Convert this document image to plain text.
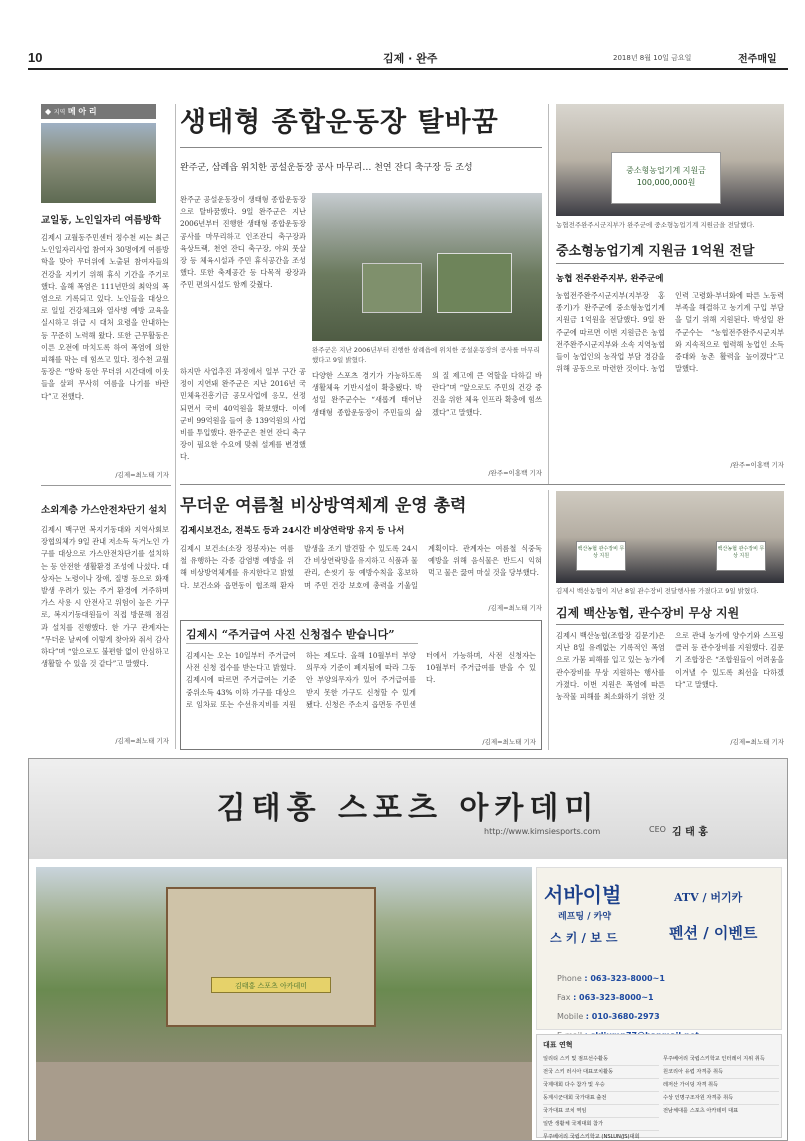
10	김제 · 완주	2018년 8월 10일 금요일	전주매일
◆ 지역 메 아 리
교일동, 노인일자리 여름방학
김제시 교월동주민센터 정수천 씨는 최근 노인일자리사업 참여자 30명에게 여름방학을 맞아 무더위에 노출된 참여자들의 건강을 지키기 위해 휴식 기간을 주기로 했다. 올해 폭염은 111년만의 최악의 폭염으로 기록되고 있다. 노인들을 대상으로 일일 건강체크와 열사병 예방 교육을 실시하고 위급 시 대처 요령을 안내하는 등 꾸준히 노력해 왔다. 또한 근무활동은 이른 오전에 마치도록 하여 폭염에 의한 피해를 막는 데 힘쓰고 있다. 정수천 교월동장은 “방학 동안 무더위 시간대에 이웃들을 살펴 무사히 여름을 나기를 바란다”고 전했다.
/김제=최노태 기자
소외계층 가스안전차단기 설치
김제시 백구면 복지기동대와 지역사회보장협의체가 9일 관내 저소득 독거노인 가구를 대상으로 가스안전차단기를 설치하는 등 안전한 생활환경 조성에 나섰다. 대상자는 노령이나 장애, 질병 등으로 화재 발생 우려가 있는 주거 환경에 거주하며 가스 사용 시 안전사고 위험이 높은 가구로, 복지기동대원들이 직접 방문해 점검과 설치를 진행했다. 한 가구 관계자는 “무더운 날씨에 이렇게 찾아와 줘서 감사하다”며 “앞으로도 불편함 없이 안심하고 생활할 수 있을 것 같다”고 말했다.
/김제=최노태 기자
생태형 종합운동장 탈바꿈
완주군, 삼례읍 위치한 공설운동장 공사 마무리… 천연 잔디 축구장 등 조성
완주군 공설운동장이 생태형 종합운동장으로 탈바꿈했다. 9일 완주군은 지난 2006년부터 진행한 생태형 종합운동장 공사를 마무리하고 인조잔디 축구장과 육상트랙, 천연 잔디 축구장, 야외 풋살장 등 체육시설과 주민 휴식공간을 조성했다. 또한 축제공간 등 다목적 광장과 주민 편의시설도 함께 갖췄다.
하지만 사업추진 과정에서 일부 구간 공정이 지연돼 완주군은 지난 2016년 국민체육진흥기금 공모사업에 응모, 선정되면서 국비 40억원을 확보했다. 이에 군비 99억원을 들여 총 139억원의 사업비를 투입했다. 완주군은 천연 잔디 축구장이 필요한 수요에 맞춰 설계를 변경했다.
완주군은 지난 2006년부터 진행한 삼례읍에 위치한 공설운동장의 공사를 마무리했다고 9일 밝혔다.
다양한 스포츠 경기가 가능하도록 생활체육 기반시설이 확충됐다. 박성일 완주군수는 “새롭게 태어난 생태형 종합운동장이 주민들의 삶의 질 제고에 큰 역할을 다하길 바란다”며 “앞으로도 주민의 건강 증진을 위한 체육 인프라 확충에 힘쓰겠다”고 말했다.
/완주=이홍백 기자
중소형농업기계 지원금 100,000,000원
농협전주완주시군지부가 완주군에 중소형농업기계 지원금을 전달했다.
중소형농업기계 지원금 1억원 전달
농협 전주완주지부, 완주군에
농협전주완주시군지부(지부장 홍종기)가 완주군에 중소형농업기계 지원금 1억원을 전달했다. 9일 완주군에 따르면 이번 지원금은 농협전주완주시군지부와 소속 지역농협들이 농업인의 농작업 부담 경감을 위해 공동으로 마련한 것이다. 농업인력 고령화·부녀화에 따른 노동력 부족을 해결하고 농기계 구입 부담을 덜기 위해 지원된다. 박성일 완주군수는 “농협전주완주시군지부와 지속적으로 협력해 농업인 소득 증대와 농촌 활력을 높이겠다”고 말했다.
/완주=이홍백 기자
무더운 여름철 비상방역체계 운영 총력
김제시보건소, 전북도 등과 24시간 비상연락망 유지 등 나서
김제시 보건소(소장 정봉자)는 여름철 유행하는 각종 감염병 예방을 위해 비상방역체계를 유지한다고 밝혔다. 보건소와 읍면동이 협조해 환자 발생을 조기 발견할 수 있도록 24시간 비상연락망을 유지하고 식품과 물 관리, 손씻기 등 예방수칙을 홍보하며 주민 건강 보호에 총력을 기울일 계획이다. 관계자는 여름철 식중독 예방을 위해 음식물은 반드시 익혀 먹고 물은 끓여 마실 것을 당부했다.
/김제=최노태 기자
김제시 “주거급여 사진 신청접수 받습니다”
김제시는 오는 10일부터 주거급여 사전 신청 접수를 받는다고 밝혔다. 김제시에 따르면 주거급여는 기준 중위소득 43% 이하 가구를 대상으로 임차료 또는 수선유지비를 지원하는 제도다. 올해 10월부터 부양의무자 기준이 폐지됨에 따라 그동안 부양의무자가 있어 주거급여를 받지 못한 가구도 신청할 수 있게 됐다. 신청은 주소지 읍면동 주민센터에서 가능하며, 사전 신청자는 10월부터 주거급여를 받을 수 있다.
/김제=최노태 기자
백산농협 관수장비 무상 지원
백산농협 관수장비 무상 지원
김제시 백산농협이 지난 8일 관수장비 전달행사를 가졌다고 9일 밝혔다.
김제 백산농협, 관수장비 무상 지원
김제시 백산농협(조합장 김문기)은 지난 8일 유례없는 기록적인 폭염으로 가뭄 피해를 입고 있는 농가에 관수장비를 무상 지원하는 행사를 가졌다. 이번 지원은 폭염에 따른 농작물 피해를 최소화하기 위한 것으로 관내 농가에 양수기와 스프링클러 등 관수장비를 지원했다. 김문기 조합장은 “조합원들이 어려움을 이겨낼 수 있도록 최선을 다하겠다”고 말했다.
/김제=최노태 기자
김태홍 스포츠 아카데미
http://www.kimsiesports.com	CEO 김 태 홍
김태홍 스포츠 아카데미
서바이벌
레프팅 / 카약
스 키 / 보 드
ATV / 버기카
펜션 / 이벤트
Phone : 063-323-8000~1
Fax : 063-323-8000~1
Mobile : 010-3680-2973
대표 연혁
일리티 스키 및 점프선수활동
전국 스키 러시아 대표코치활동
국제대회 다수 참가 및 우승
동계시군대회 국가대표 출전
국가대표 코치 역임
일반 생활체 국제대회 참가
무주베어리 국립스키학교 (NSLUN/JS)대회
무주베어리 국립스키학교 인터레이 지위 취득
원코리아 유럽 자격증 취득
레저산 가이딩 자격 취득
수상 인명구조자원 자격증 취득
전남체대를 스포츠 아카데미 대표
